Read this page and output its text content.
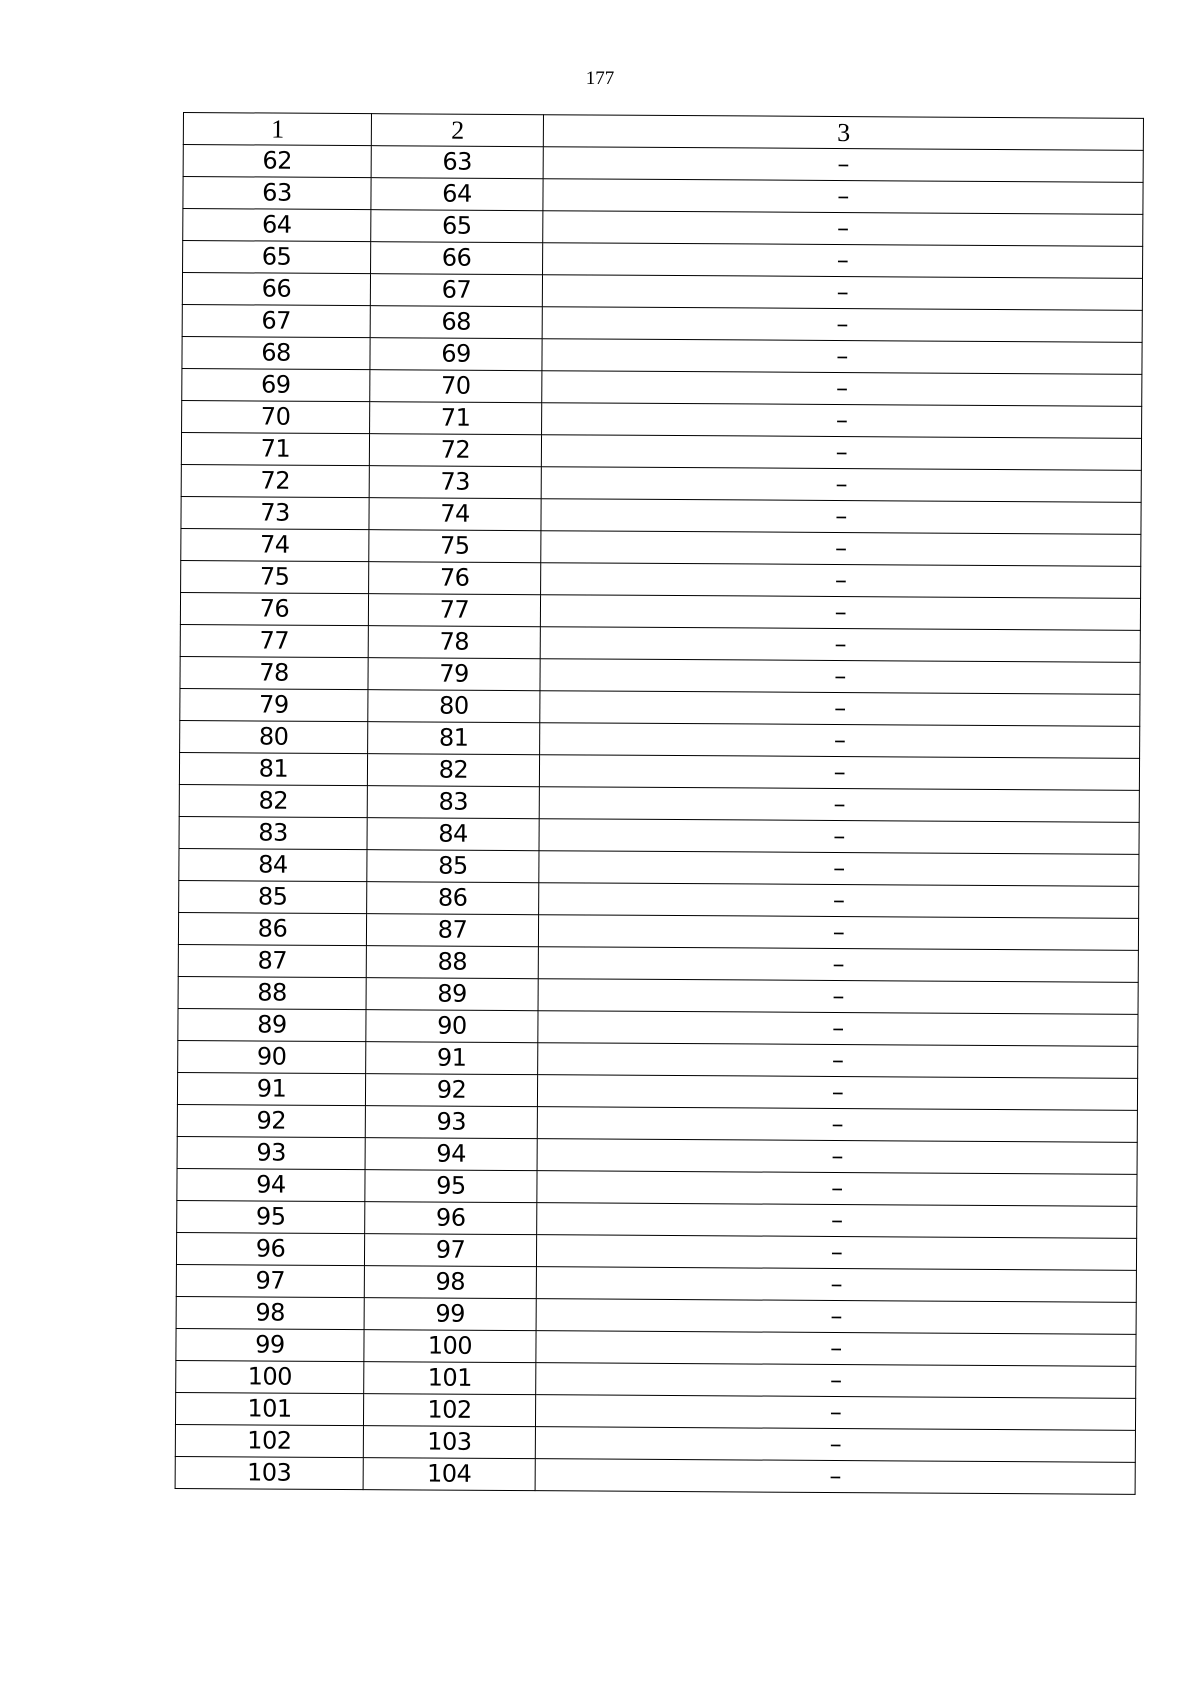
177
1	2	3
62	63	–
63	64	–
64	65	–
65	66	–
66	67	–
67	68	–
68	69	–
69	70	–
70	71	–
71	72	–
72	73	–
73	74	–
74	75	–
75	76	–
76	77	–
77	78	–
78	79	–
79	80	–
80	81	–
81	82	–
82	83	–
83	84	–
84	85	–
85	86	–
86	87	–
87	88	–
88	89	–
89	90	–
90	91	–
91	92	–
92	93	–
93	94	–
94	95	–
95	96	–
96	97	–
97	98	–
98	99	–
99	100	–
100	101	–
101	102	–
102	103	–
103	104	–
